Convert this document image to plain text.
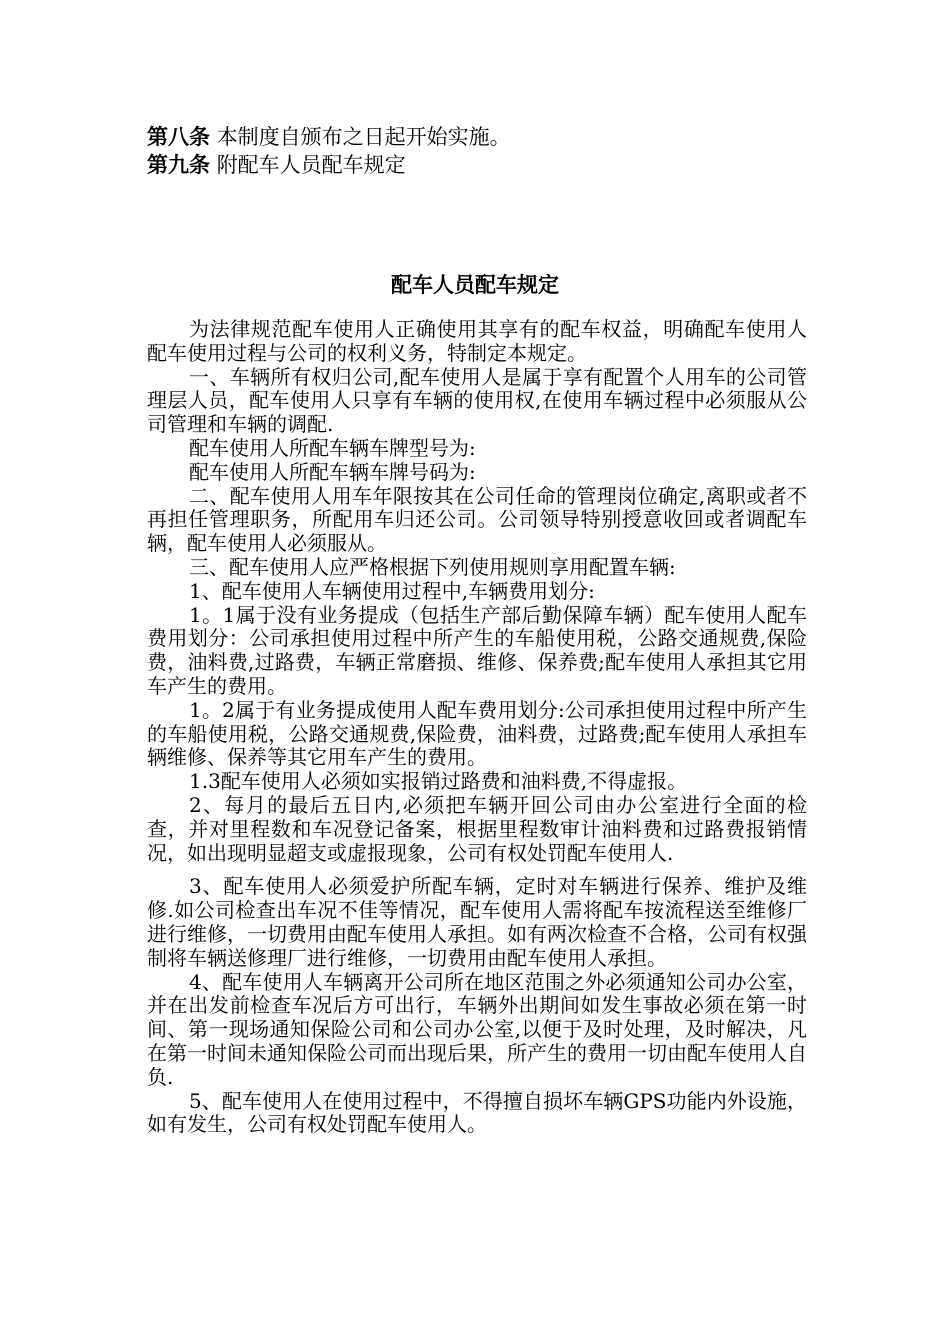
第八条 本制度自颁布之日起开始实施。
第九条 附配车人员配车规定
配车人员配车规定

为法律规范配车使用人正确使用其享有的配车权益，明确配车使用人配车使用过程与公司的权利义务，特制定本规定。

一、车辆所有权归公司,配车使用人是属于享有配置个人用车的公司管理层人员，配车使用人只享有车辆的使用权,在使用车辆过程中必须服从公司管理和车辆的调配.

配车使用人所配车辆车牌型号为:

配车使用人所配车辆车牌号码为:

二、配车使用人用车年限按其在公司任命的管理岗位确定,离职或者不再担任管理职务，所配用车归还公司。公司领导特别授意收回或者调配车辆，配车使用人必须服从。

三、配车使用人应严格根据下列使用规则享用配置车辆:

1、配车使用人车辆使用过程中,车辆费用划分:

1。1属于没有业务提成（包括生产部后勤保障车辆）配车使用人配车费用划分：公司承担使用过程中所产生的车船使用税，公路交通规费,保险费，油料费,过路费，车辆正常磨损、维修、保养费;配车使用人承担其它用车产生的费用。

1。2属于有业务提成使用人配车费用划分:公司承担使用过程中所产生的车船使用税，公路交通规费,保险费，油料费，过路费;配车使用人承担车辆维修、保养等其它用车产生的费用。

1.3配车使用人必须如实报销过路费和油料费,不得虚报。

2、每月的最后五日内,必须把车辆开回公司由办公室进行全面的检查，并对里程数和车况登记备案，根据里程数审计油料费和过路费报销情况，如出现明显超支或虚报现象，公司有权处罚配车使用人.

3、配车使用人必须爱护所配车辆，定时对车辆进行保养、维护及维修.如公司检查出车况不佳等情况，配车使用人需将配车按流程送至维修厂进行维修，一切费用由配车使用人承担。如有两次检查不合格，公司有权强制将车辆送修理厂进行维修，一切费用由配车使用人承担。

4、配车使用人车辆离开公司所在地区范围之外必须通知公司办公室，并在出发前检查车况后方可出行，车辆外出期间如发生事故必须在第一时间、第一现场通知保险公司和公司办公室,以便于及时处理，及时解决，凡在第一时间未通知保险公司而出现后果，所产生的费用一切由配车使用人自负.

5、配车使用人在使用过程中，不得擅自损坏车辆GPS功能内外设施，如有发生，公司有权处罚配车使用人。
